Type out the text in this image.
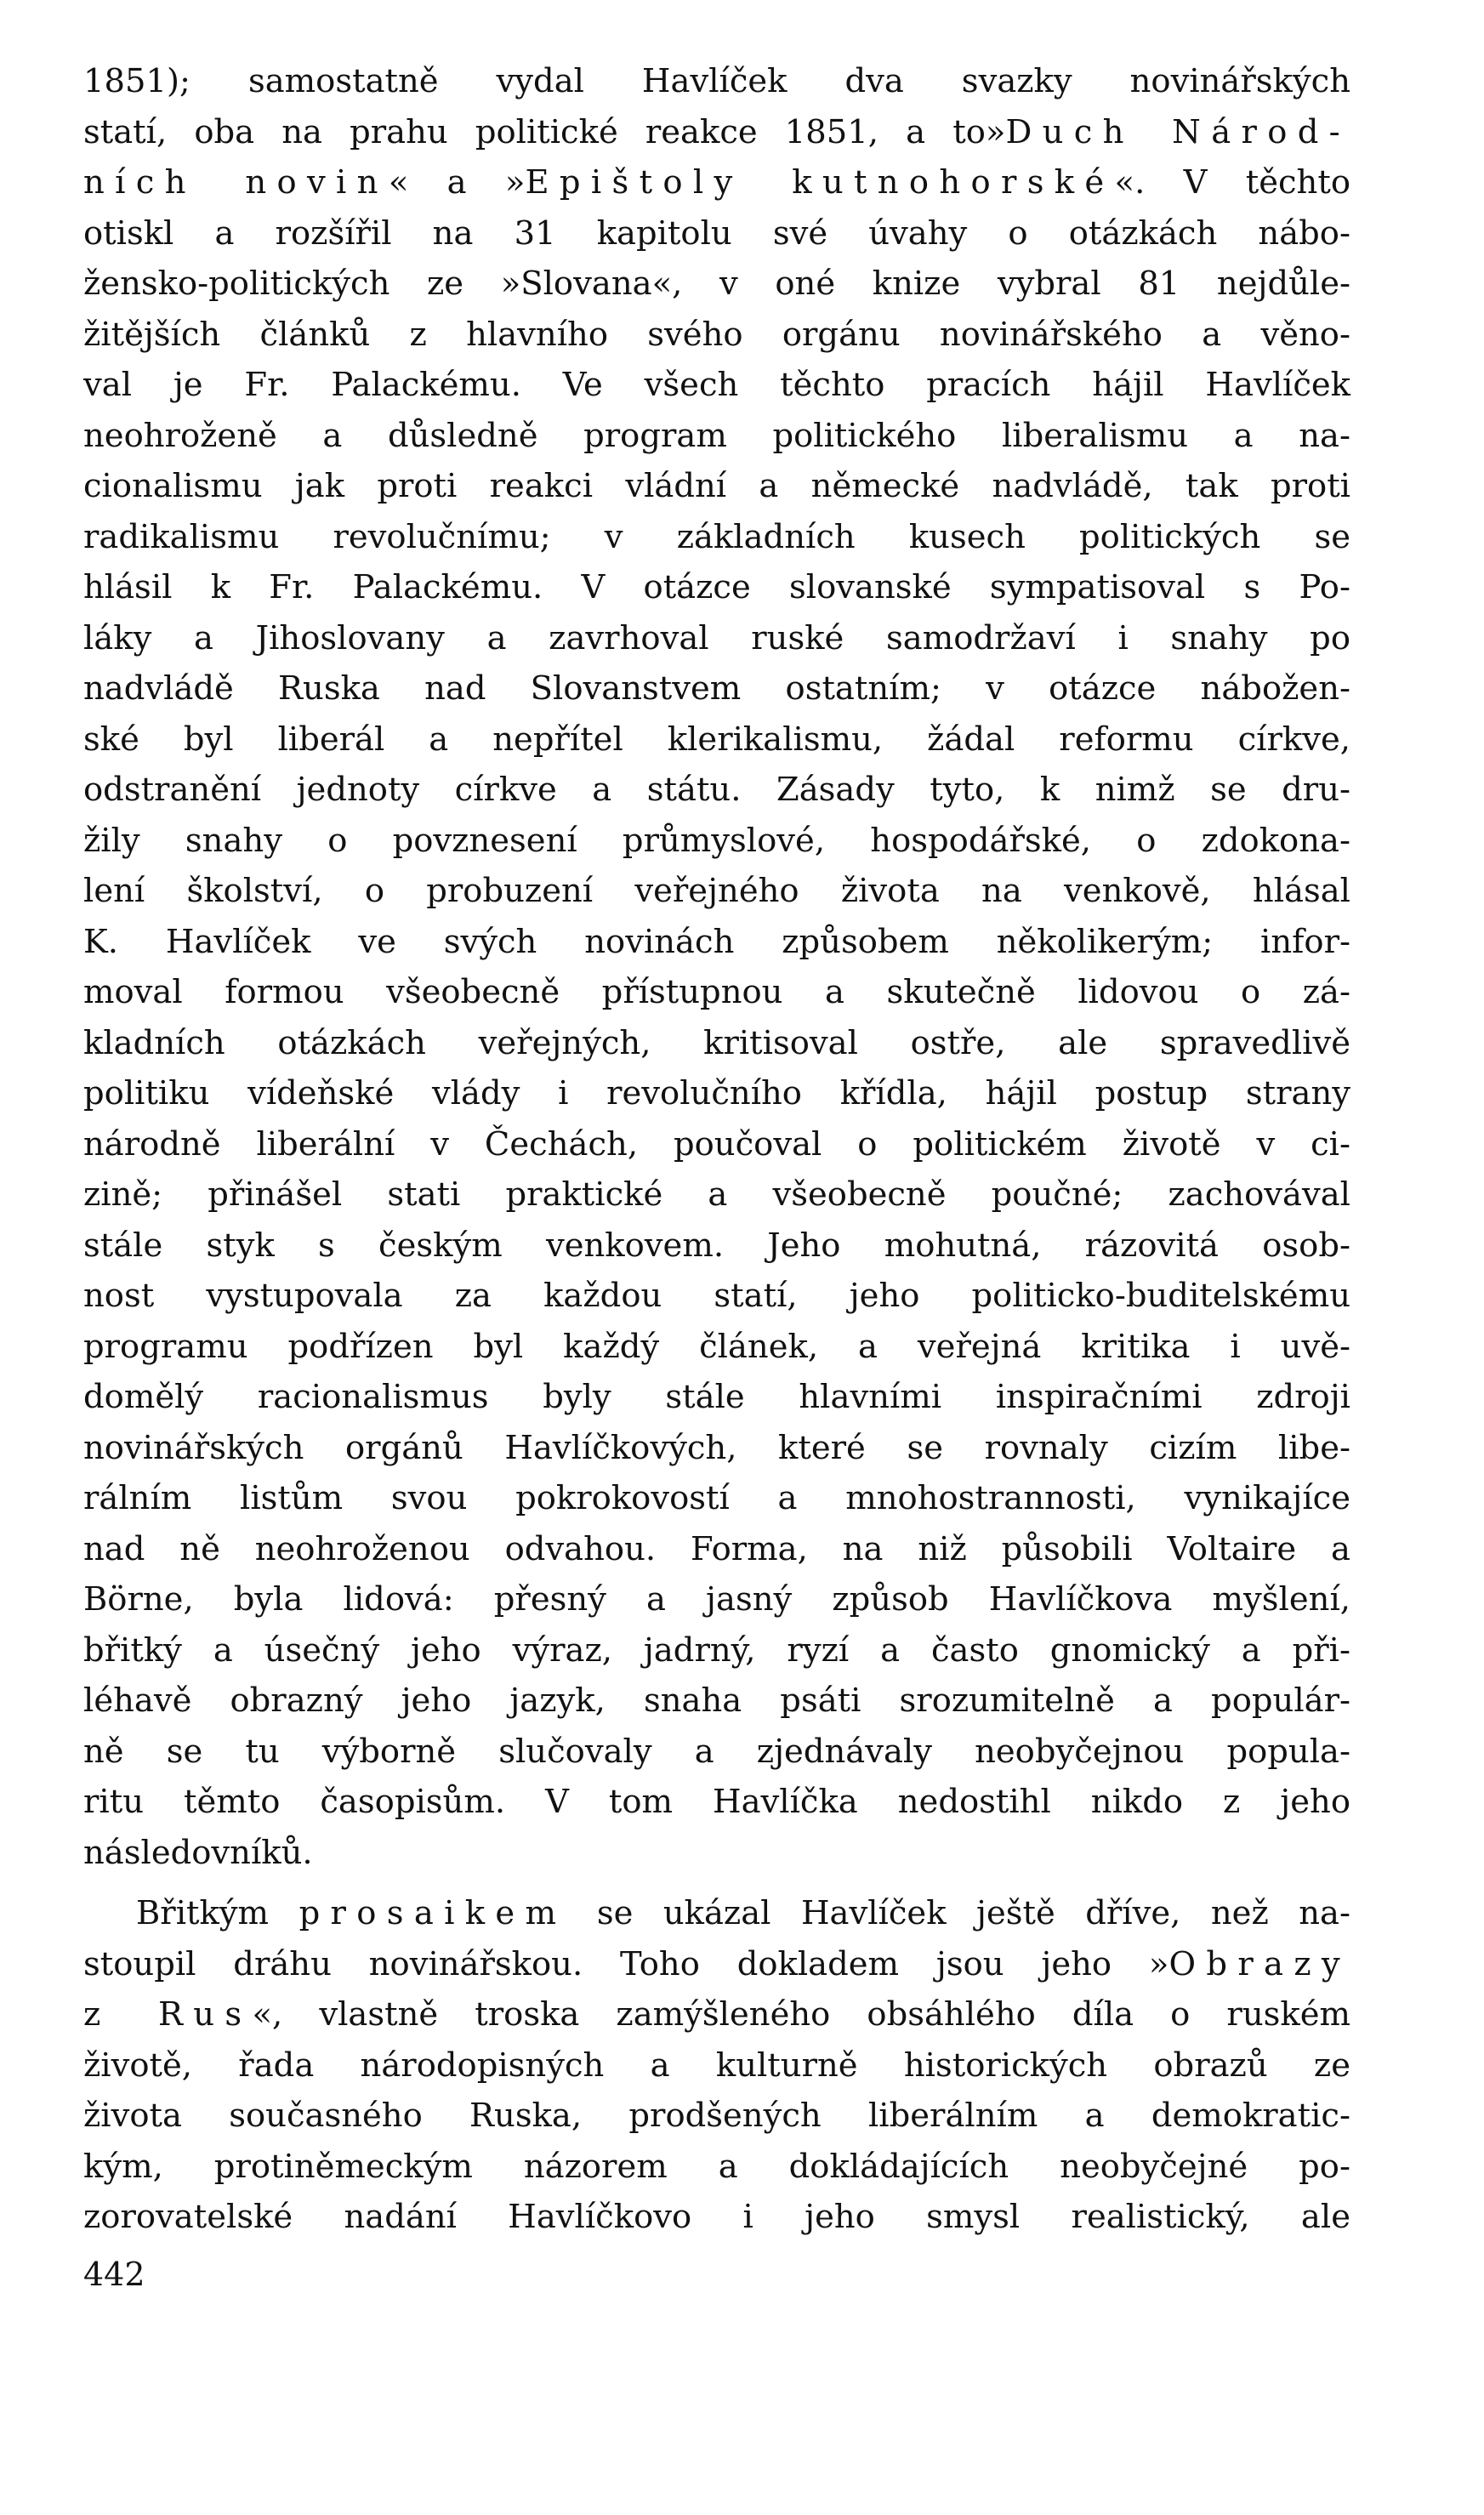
1851); samostatně vydal Havlíček dva svazky novinářských
statí, oba na prahu politické reakce 1851, a to»Duch Národ-
ních novin« a »Epištoly kutnohorské«. V těchto
otiskl a rozšířil na 31 kapitolu své úvahy o otázkách nábo-
žensko-politických ze »Slovana«, v oné knize vybral 81 nejdůle-
žitějších článků z hlavního svého orgánu novinářského a věno-
val je Fr. Palackému. Ve všech těchto pracích hájil Havlíček
neohroženě a důsledně program politického liberalismu a na-
cionalismu jak proti reakci vládní a německé nadvládě, tak proti
radikalismu revolučnímu; v základních kusech politických se
hlásil k Fr. Palackému. V otázce slovanské sympatisoval s Po-
láky a Jihoslovany a zavrhoval ruské samodržaví i snahy po
nadvládě Ruska nad Slovanstvem ostatním; v otázce nábožen-
ské byl liberál a nepřítel klerikalismu, žádal reformu církve,
odstranění jednoty církve a státu. Zásady tyto, k nimž se dru-
žily snahy o povznesení průmyslové, hospodářské, o zdokona-
lení školství, o probuzení veřejného života na venkově, hlásal
K. Havlíček ve svých novinách způsobem několikerým; infor-
moval formou všeobecně přístupnou a skutečně lidovou o zá-
kladních otázkách veřejných, kritisoval ostře, ale spravedlivě
politiku vídeňské vlády i revolučního křídla, hájil postup strany
národně liberální v Čechách, poučoval o politickém životě v ci-
zině; přinášel stati praktické a všeobecně poučné; zachovával
stále styk s českým venkovem. Jeho mohutná, rázovitá osob-
nost vystupovala za každou statí, jeho politicko-buditelskému
programu podřízen byl každý článek, a veřejná kritika i uvě-
domělý racionalismus byly stále hlavními inspiračními zdroji
novinářských orgánů Havlíčkových, které se rovnaly cizím libe-
rálním listům svou pokrokovostí a mnohostrannosti, vynikajíce
nad ně neohroženou odvahou. Forma, na niž působili Voltaire a
Börne, byla lidová: přesný a jasný způsob Havlíčkova myšlení,
břitký a úsečný jeho výraz, jadrný, ryzí a často gnomický a při-
léhavě obrazný jeho jazyk, snaha psáti srozumitelně a populár-
ně se tu výborně slučovaly a zjednávaly neobyčejnou popula-
ritu těmto časopisům. V tom Havlíčka nedostihl nikdo z jeho
následovníků.
Břitkým prosaikem se ukázal Havlíček ještě dříve, než na-
stoupil dráhu novinářskou. Toho dokladem jsou jeho »Obrazy
z Rus«, vlastně troska zamýšleného obsáhlého díla o ruském
životě, řada národopisných a kulturně historických obrazů ze
života současného Ruska, prodšených liberálním a demokratic-
kým, protiněmeckým názorem a dokládajících neobyčejné po-
zorovatelské nadání Havlíčkovo i jeho smysl realistický, ale
442
